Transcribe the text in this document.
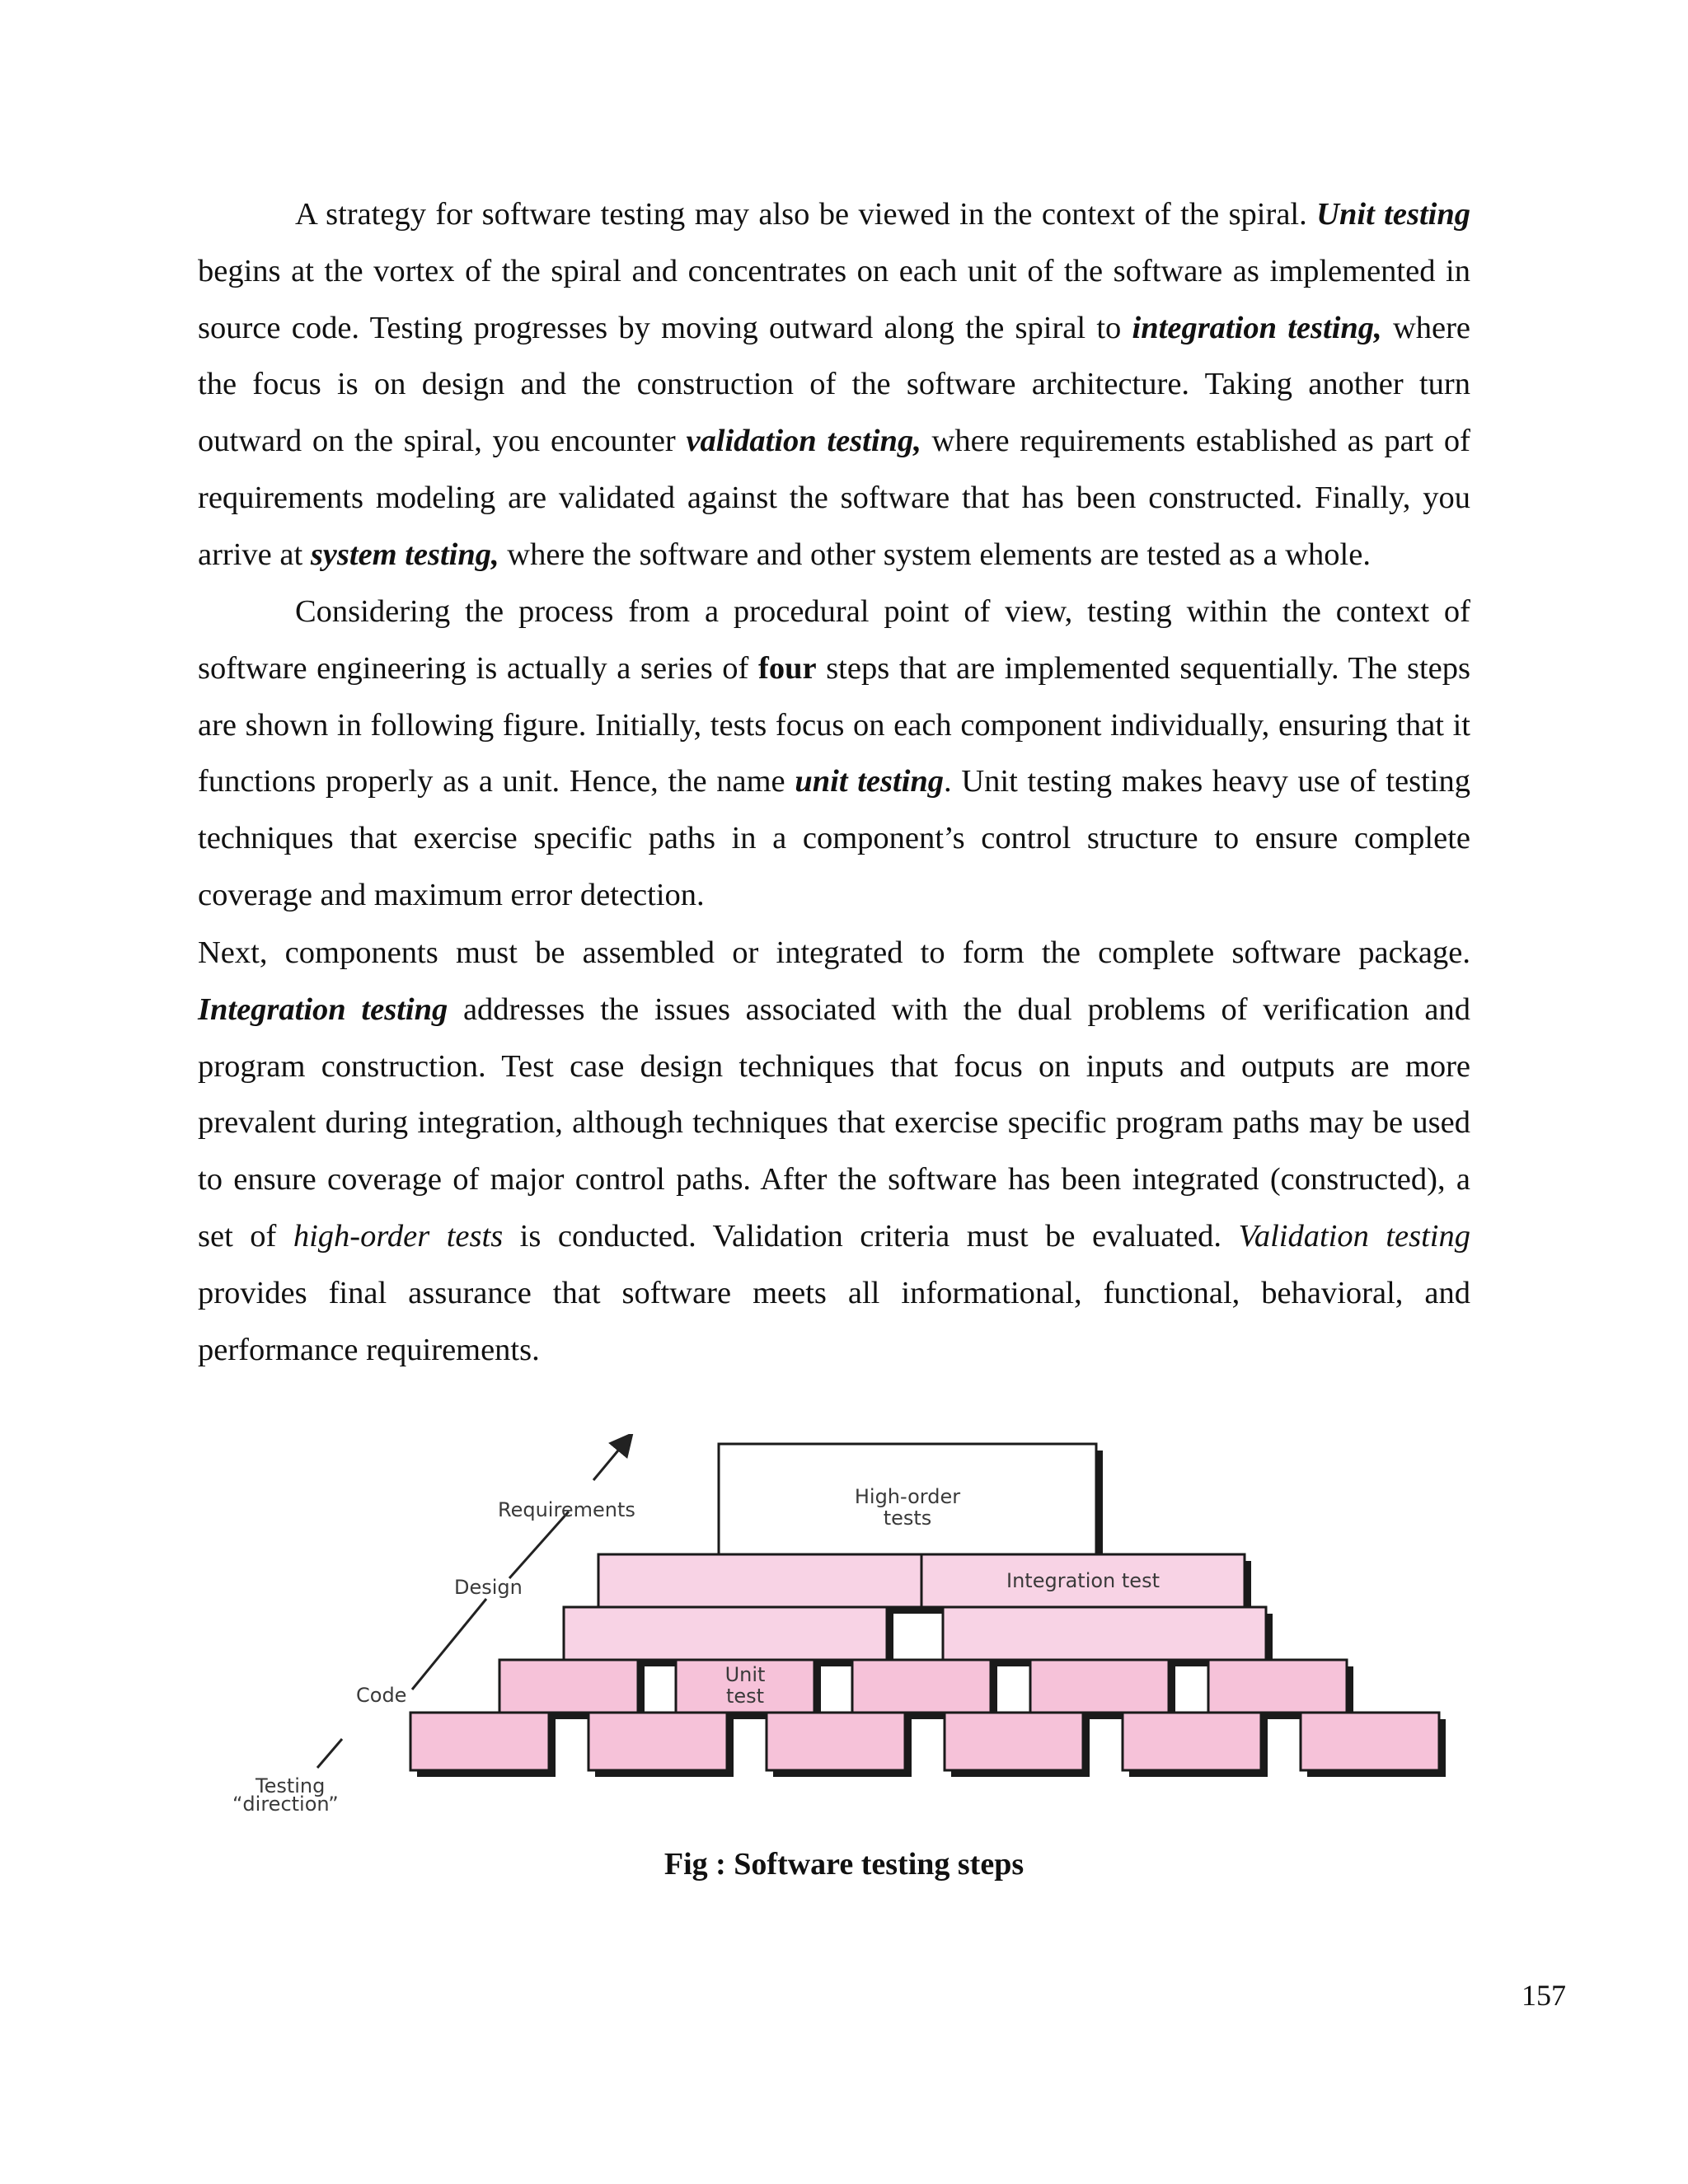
A strategy for software testing may also be viewed in the context of the spiral. Unit testing begins at the vortex of the spiral and concentrates on each unit of the software as implemented in source code. Testing progresses by moving outward along the spiral to integration testing, where the focus is on design and the construction of the software architecture. Taking another turn outward on the spiral, you encounter validation testing, where requirements established as part of requirements modeling are validated against the software that has been constructed. Finally, you arrive at system testing, where the software and other system elements are tested as a whole.

Considering the process from a procedural point of view, testing within the context of software engineering is actually a series of four steps that are implemented sequentially. The steps are shown in following figure. Initially, tests focus on each component individually, ensuring that it functions properly as a unit. Hence, the name unit testing. Unit testing makes heavy use of testing techniques that exercise specific paths in a component’s control structure to ensure complete coverage and maximum error detection.

Next, components must be assembled or integrated to form the complete software package. Integration testing addresses the issues associated with the dual problems of verification and program construction. Test case design techniques that focus on inputs and outputs are more prevalent during integration, although techniques that exercise specific program paths may be used to ensure coverage of major control paths. After the software has been integrated (constructed), a set of high-order tests is conducted. Validation criteria must be evaluated. Validation testing provides final assurance that software meets all informational, functional, behavioral, and performance requirements.

Requirements
Design
Code
Testing
“direction”
High-order
tests
Integration test
Unit
test
Fig : Software testing steps
157
